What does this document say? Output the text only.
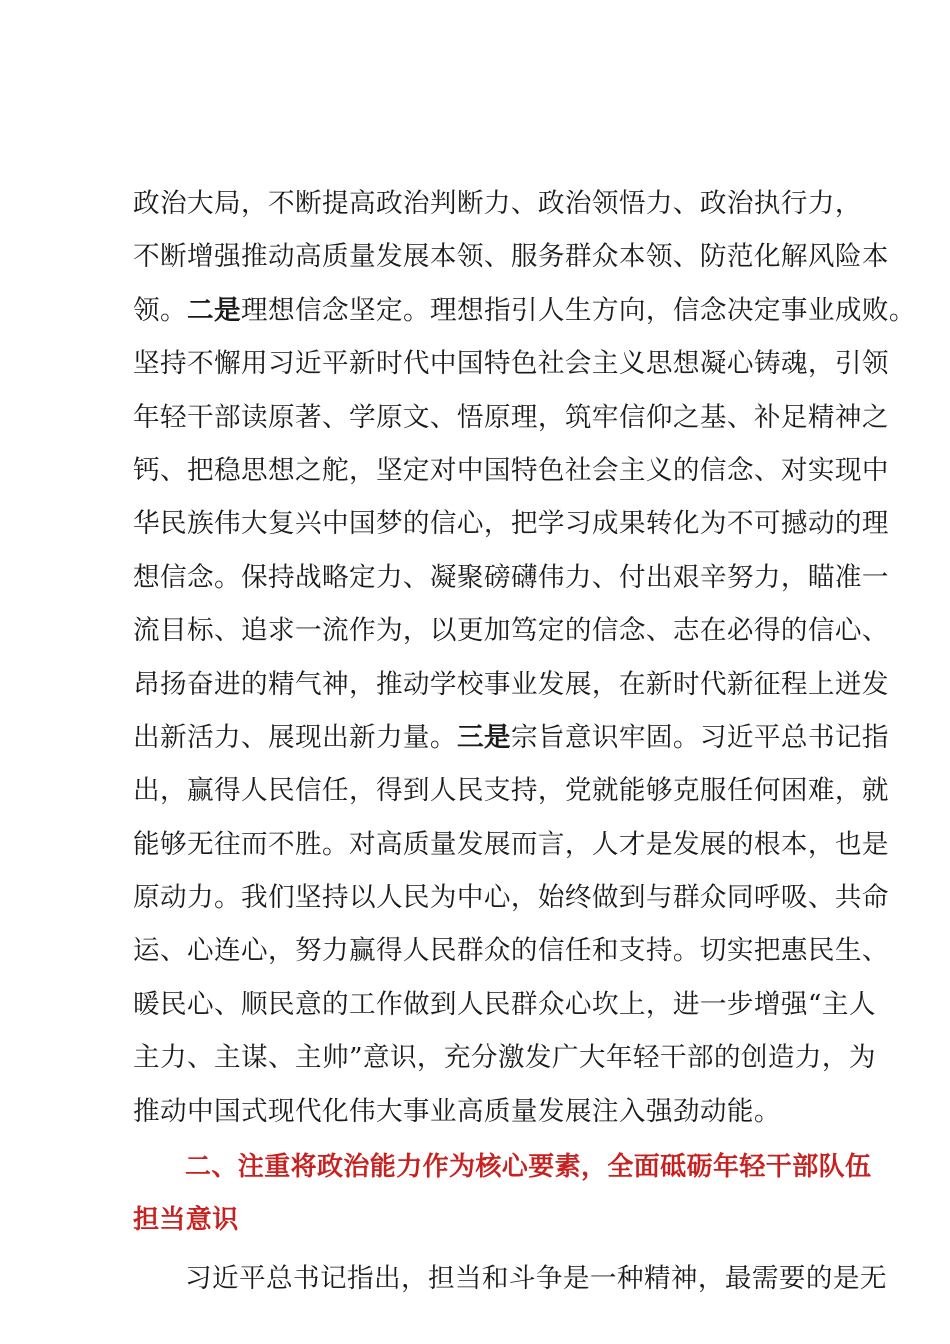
政治大局，不断提高政治判断力、政治领悟力、政治执行力，
不断增强推动高质量发展本领、服务群众本领、防范化解风险本
领。二是理想信念坚定。理想指引人生方向，信念决定事业成败。
坚持不懈用习近平新时代中国特色社会主义思想凝心铸魂，引领
年轻干部读原著、学原文、悟原理，筑牢信仰之基、补足精神之
钙、把稳思想之舵，坚定对中国特色社会主义的信念、对实现中
华民族伟大复兴中国梦的信心，把学习成果转化为不可撼动的理
想信念。保持战略定力、凝聚磅礴伟力、付出艰辛努力，瞄准一
流目标、追求一流作为，以更加笃定的信念、志在必得的信心、
昂扬奋进的精气神，推动学校事业发展，在新时代新征程上迸发
出新活力、展现出新力量。三是宗旨意识牢固。习近平总书记指
出，赢得人民信任，得到人民支持，党就能够克服任何困难，就
能够无往而不胜。对高质量发展而言，人才是发展的根本，也是
原动力。我们坚持以人民为中心，始终做到与群众同呼吸、共命
运、心连心，努力赢得人民群众的信任和支持。切实把惠民生、
暖民心、顺民意的工作做到人民群众心坎上，进一步增强“主人
主力、主谋、主帅”意识，充分激发广大年轻干部的创造力，为
推动中国式现代化伟大事业高质量发展注入强劲动能。
二、注重将政治能力作为核心要素，全面砥砺年轻干部队伍
担当意识
习近平总书记指出，担当和斗争是一种精神，最需要的是无
